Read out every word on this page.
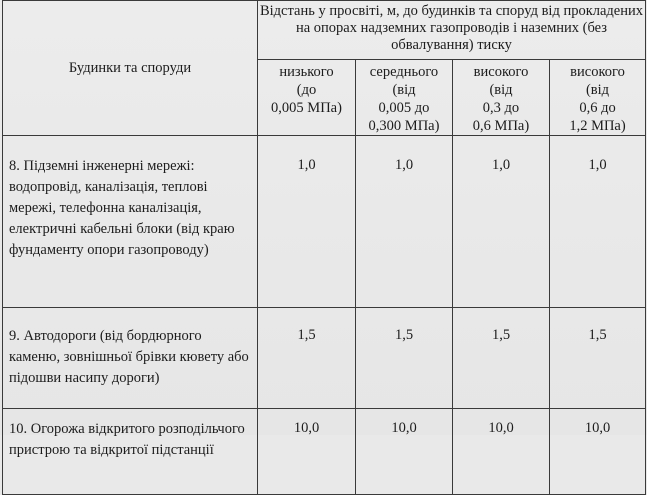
Будинки та споруди	Відстань у просвіті, м, до будинків та споруд від прокладених на опорах надземних газопроводів і наземних (без обвалування) тиску			

	низького
(до
0,005 МПа)	середнього
(від
0,005 до
0,300 МПа)	високого
(від
0,3 до
0,6 МПа)	високого
(від
0,6 до
1,2 МПа)

8. Підземні інженерні мережі: водопровід, каналізація, теплові мережі, телефонна каналізація, електричні кабельні блоки (від краю фундаменту опори газопроводу)	1,0	1,0	1,0	1,0
9. Автодороги (від бордюрного каменю, зовнішньої брівки кювету або підошви насипу дороги)	1,5	1,5	1,5	1,5
10. Огорожа відкритого розподільчого пристрою та відкритої підстанції	10,0	10,0	10,0	10,0
